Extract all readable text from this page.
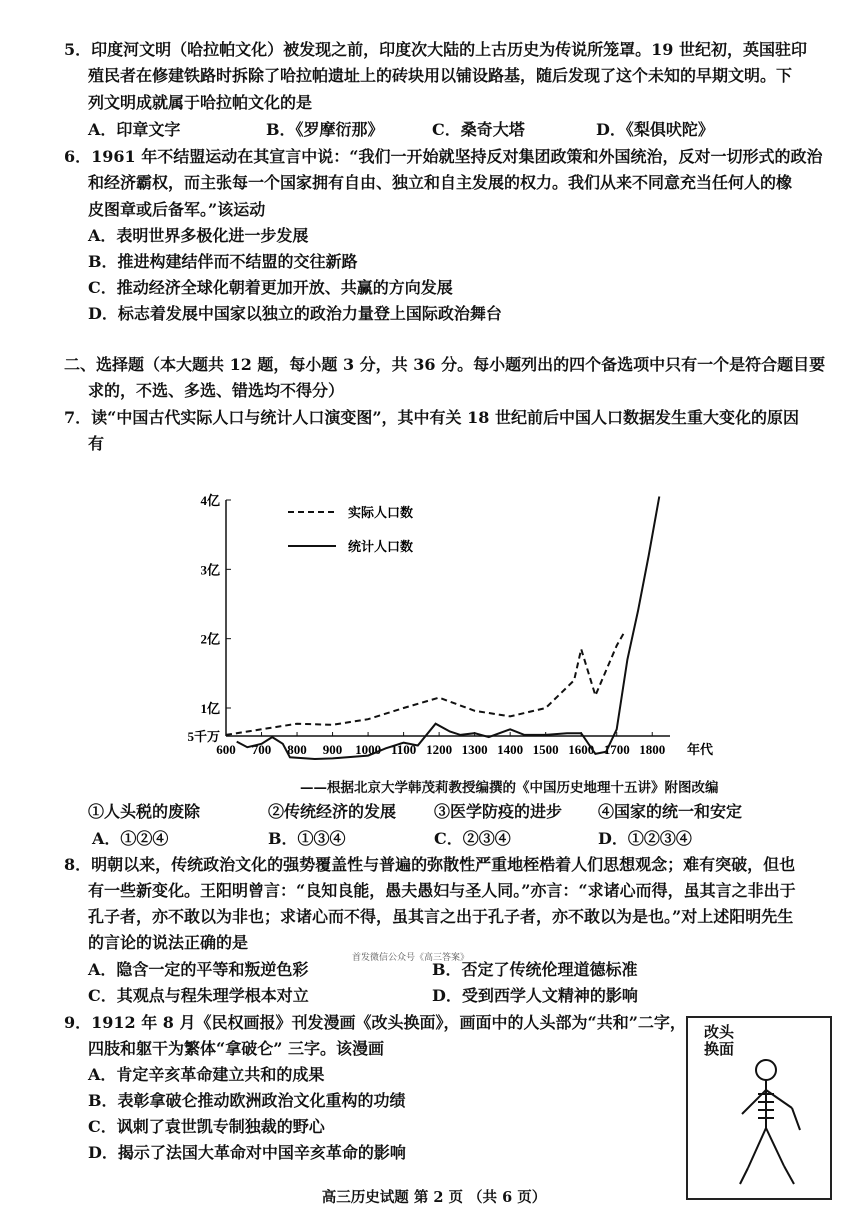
5．印度河文明（哈拉帕文化）被发现之前，印度次大陆的上古历史为传说所笼罩。19 世纪初，英国驻印
殖民者在修建铁路时拆除了哈拉帕遗址上的砖块用以铺设路基，随后发现了这个未知的早期文明。下
列文明成就属于哈拉帕文化的是
A．印章文字	B．《罗摩衍那》	C．桑奇大塔	D．《梨俱吠陀》
6．1961 年不结盟运动在其宣言中说：“我们一开始就坚持反对集团政策和外国统治，反对一切形式的政治
和经济霸权，而主张每一个国家拥有自由、独立和自主发展的权力。我们从来不同意充当任何人的橡
皮图章或后备军。”该运动
A．表明世界多极化进一步发展
B．推进构建结伴而不结盟的交往新路
C．推动经济全球化朝着更加开放、共赢的方向发展
D．标志着发展中国家以独立的政治力量登上国际政治舞台
二、选择题（本大题共 12 题，每小题 3 分，共 36 分。每小题列出的四个备选项中只有一个是符合题目要
求的，不选、多选、错选均不得分）
7．读“中国古代实际人口与统计人口演变图”，其中有关 18 世纪前后中国人口数据发生重大变化的原因
有
600 700 800 900 1000 1100 1200 1300 1400 1500 1600 1700 1800 年代
5千万
1亿
2亿
3亿
4亿
实际人口数
统计人口数
——根据北京大学韩茂莉教授编撰的《中国历史地理十五讲》附图改编
①人头税的废除	②传统经济的发展 ③医学防疫的进步 ④国家的统一和安定
A．①②④	B．①③④	C．②③④	D．①②③④
8．明朝以来，传统政治文化的强势覆盖性与普遍的弥散性严重地桎梏着人们思想观念；难有突破，但也
有一些新变化。王阳明曾言：“良知良能，愚夫愚妇与圣人同。”亦言：“求诸心而得，虽其言之非出于
孔子者，亦不敢以为非也；求诸心而不得，虽其言之出于孔子者，亦不敢以为是也。”对上述阳明先生
的言论的说法正确的是
首发微信公众号《高三答案》
A．隐含一定的平等和叛逆色彩	B．否定了传统伦理道德标准
C．其观点与程朱理学根本对立	D．受到西学人文精神的影响
9．1912 年 8 月《民权画报》刊发漫画《改头换面》，画面中的人头部为“共和”二字，
四肢和躯干为繁体“拿破仑” 三字。该漫画
A．肯定辛亥革命建立共和的成果
B．表彰拿破仑推动欧洲政治文化重构的功绩
C．讽刺了袁世凯专制独裁的野心
D．揭示了法国大革命对中国辛亥革命的影响
改头换面
高三历史试题 第 2 页 （共 6 页）
